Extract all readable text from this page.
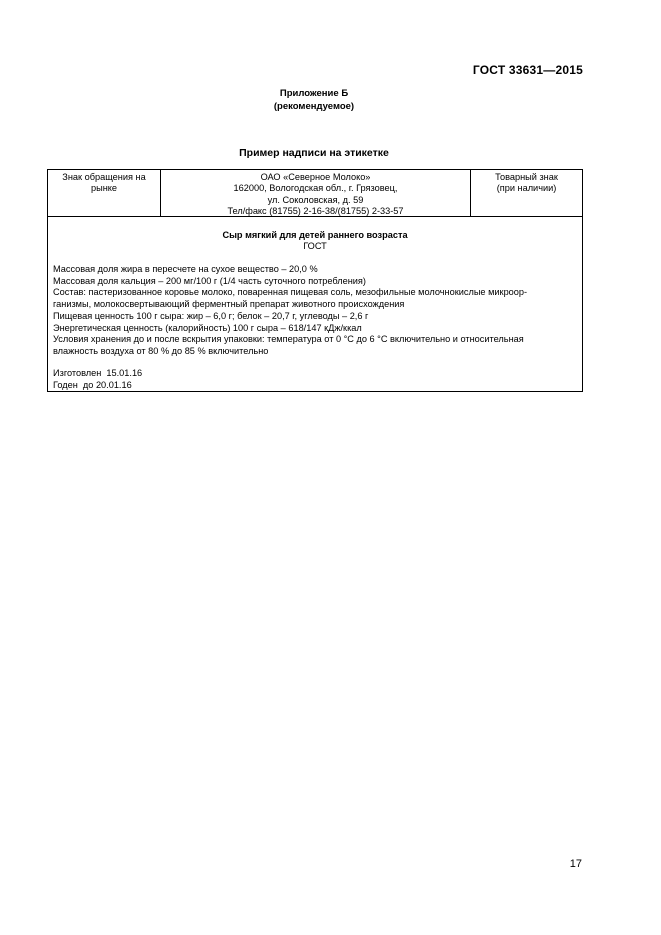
ГОСТ 33631—2015
Приложение Б
(рекомендуемое)
Пример надписи на этикетке
Знак обращения на
рынке
ОАО «Северное Молоко»
162000, Вологодская обл., г. Грязовец,
ул. Соколовская, д. 59
Тел/факс (81755) 2-16-38/(81755) 2-33-57
Товарный знак
(при наличии)
Сыр мягкий для детей раннего возраста
ГОСТ
Массовая доля жира в пересчете на сухое вещество – 20,0 %
Массовая доля кальция – 200 мг/100 г (1/4 часть суточного потребления)
Состав: пастеризованное коровье молоко, поваренная пищевая соль, мезофильные молочнокислые микроор-
ганизмы, молокосвертывающий ферментный препарат животного происхождения
Пищевая ценность 100 г сыра: жир – 6,0 г; белок – 20,7 г, углеводы – 2,6 г
Энергетическая ценность (калорийность) 100 г сыра – 618/147 кДж/ккал
Условия хранения до и после вскрытия упаковки: температура от 0 °С до 6 °С включительно и относительная
влажность воздуха от 80 % до 85 % включительно
Изготовлен  15.01.16
Годен  до 20.01.16
17
